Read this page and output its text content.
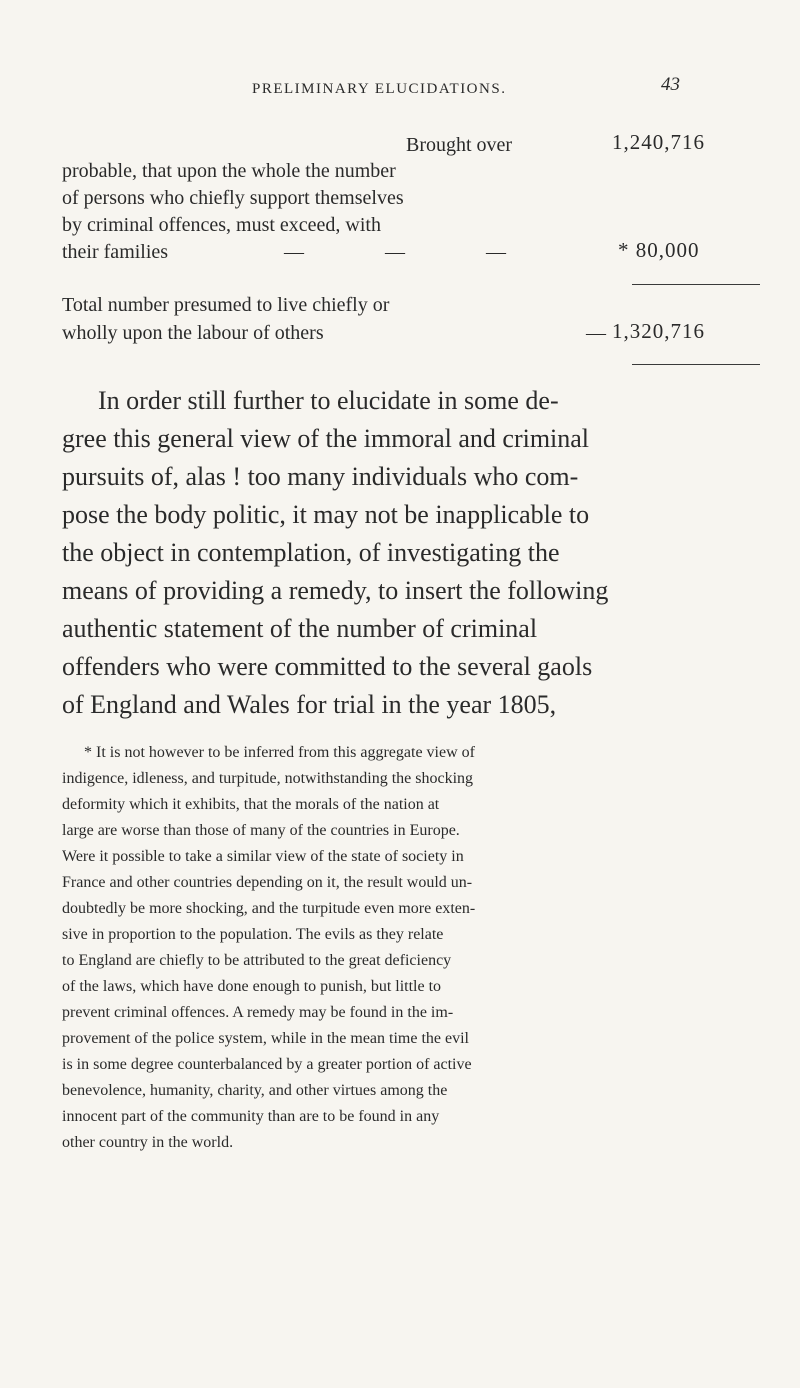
PRELIMINARY ELUCIDATIONS.	43
Brought over	1,240,716
probable, that upon the whole the number
of persons who chiefly support themselves
by criminal offences, must exceed, with
their families	— — —	* 80,000
Total number presumed to live chiefly or
wholly upon the labour of others	— 1,320,716
In order still further to elucidate in some de-
gree this general view of the immoral and criminal
pursuits of, alas ! too many individuals who com-
pose the body politic, it may not be inapplicable to
the object in contemplation, of investigating the
means of providing a remedy, to insert the following
authentic statement of the number of criminal
offenders who were committed to the several gaols
of England and Wales for trial in the year 1805,
* It is not however to be inferred from this aggregate view of
indigence, idleness, and turpitude, notwithstanding the shocking
deformity which it exhibits, that the morals of the nation at
large are worse than those of many of the countries in Europe.
Were it possible to take a similar view of the state of society in
France and other countries depending on it, the result would un-
doubtedly be more shocking, and the turpitude even more exten-
sive in proportion to the population. The evils as they relate
to England are chiefly to be attributed to the great deficiency
of the laws, which have done enough to punish, but little to
prevent criminal offences. A remedy may be found in the im-
provement of the police system, while in the mean time the evil
is in some degree counterbalanced by a greater portion of active
benevolence, humanity, charity, and other virtues among the
innocent part of the community than are to be found in any
other country in the world.
